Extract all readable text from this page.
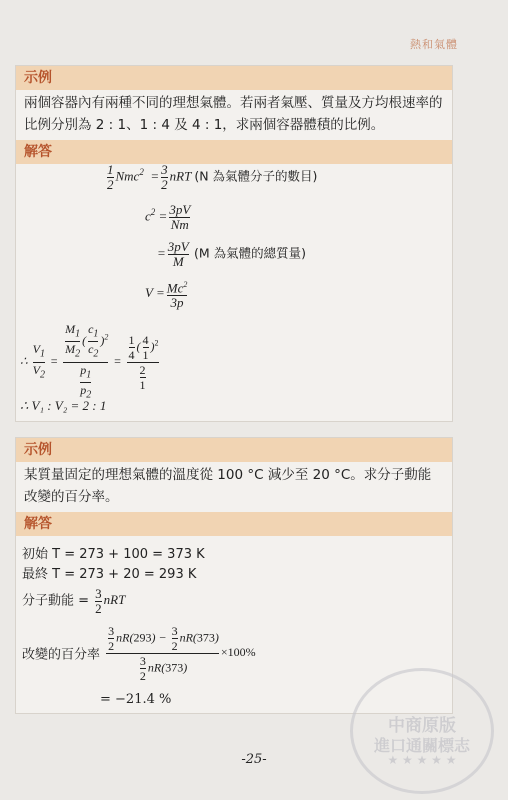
熱和氣體
示例
兩個容器內有兩種不同的理想氣體。若兩者氣壓、質量及方均根速率的比例分別為 2 : 1、1 : 4 及 4 : 1，求兩個容器體積的比例。
解答
$\frac{1}{2} Nmc^2 = \frac{3}{2}$ nRT (N 為氣體分子的數目)
$c^2 = \frac{3pV}{Nm}$
= $\frac{3pV}{M} (M$ 為氣體的總質量)
$V = \frac{Mc^2}{3p}$
∴ $\frac{V_1}{V_2} = \frac{\frac{M_1}{M_2} ( \frac{c_1}{c_2} )^2}{\frac{p_1}{p_2}} = \frac{\frac{1}{4} ( \frac{4}{1} )^2}{\frac{2}{1}}$
∴ V₁ : V₂ = 2 : 1
示例
某質量固定的理想氣體的溫度從 100 °C 減少至 20 °C。求分子動能改變的百分率。
解答
初始 T = 273 + 100 = 373 K
最終 T = 273 + 20 = 293 K
分子動能 = $\frac{3}{2}$ nRT
改變的百分率 $\frac{\frac{3}{2} nR(293) - \frac{3}{2} nR(373)}{\frac{3}{2} nR(373)} \times 100\%$
= −21.4 %
中商原版
進口通關標志
★ ★ ★ ★ ★
-25-
